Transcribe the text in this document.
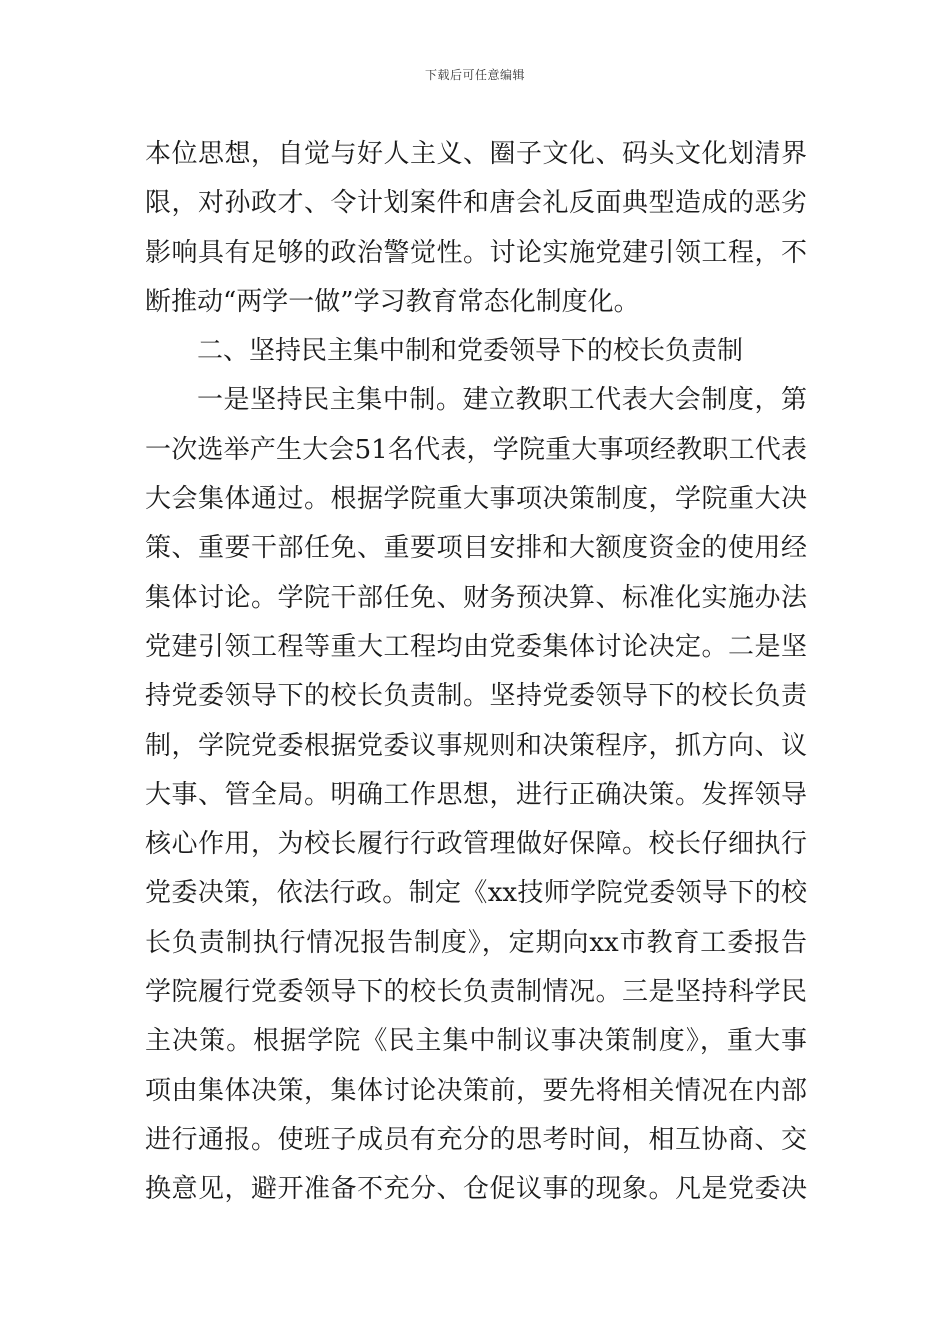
下载后可任意编辑
本位思想，自觉与好人主义、圈子文化、码头文化划清界
限，对孙政才、令计划案件和唐会礼反面典型造成的恶劣
影响具有足够的政治警觉性。讨论实施党建引领工程，不
断推动“两学一做”学习教育常态化制度化。
二、坚持民主集中制和党委领导下的校长负责制
一是坚持民主集中制。建立教职工代表大会制度，第
一次选举产生大会51名代表，学院重大事项经教职工代表
大会集体通过。根据学院重大事项决策制度，学院重大决
策、重要干部任免、重要项目安排和大额度资金的使用经
集体讨论。学院干部任免、财务预决算、标准化实施办法
党建引领工程等重大工程均由党委集体讨论决定。二是坚
持党委领导下的校长负责制。坚持党委领导下的校长负责
制，学院党委根据党委议事规则和决策程序，抓方向、议
大事、管全局。明确工作思想，进行正确决策。发挥领导
核心作用，为校长履行行政管理做好保障。校长仔细执行
党委决策，依法行政。制定《xx技师学院党委领导下的校
长负责制执行情况报告制度》，定期向xx市教育工委报告
学院履行党委领导下的校长负责制情况。三是坚持科学民
主决策。根据学院《民主集中制议事决策制度》，重大事
项由集体决策，集体讨论决策前，要先将相关情况在内部
进行通报。使班子成员有充分的思考时间，相互协商、交
换意见，避开准备不充分、仓促议事的现象。凡是党委决
